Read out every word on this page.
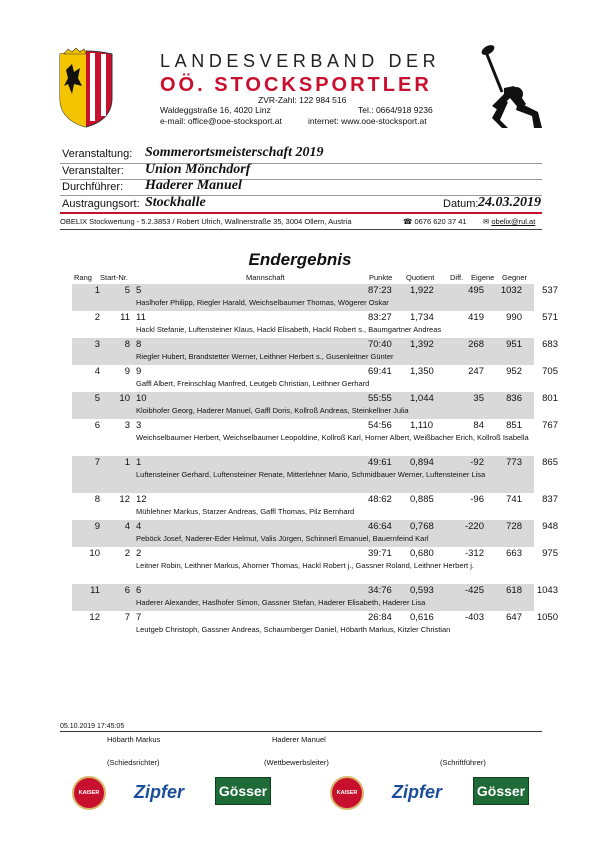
LANDESVERBAND DER
OÖ. STOCKSPORTLER
ZVR-Zahl: 122 984 516
Waldeggstraße 16, 4020 Linz	Tel.: 0664/918 9236
e-mail: office@ooe-stocksport.at	internet: www.ooe-stocksport.at
Veranstaltung: Sommerortsmeisterschaft 2019
Veranstalter: Union Mönchdorf
Durchführer: Haderer Manuel
Austragungsort: Stockhalle	Datum: 24.03.2019
OBELIX Stockwertung - 5.2.3853 / Robert Ulrich, Wallnerstraße 35, 3004 Ollern, Austria	☎ 0676 620 37 41 ✉ obelix@rul.at
Endergebnis
Rang Start-Nr.	Mannschaft	Punkte Quotient Diff. Eigene Gegner
1	5 5	87:23 1,922	495	1032	537
Haslhofer Philipp, Riegler Harald, Weichselbaumer Thomas, Wögerer Oskar
2	11 11	83:27 1,734	419	990	571
Hackl Stefanie, Luftensteiner Klaus, Hackl Elisabeth, Hackl Robert s., Baumgartner Andreas
3	8 8	70:40 1,392	268	951	683
Riegler Hubert, Brandstetter Werner, Leithner Herbert s., Gusenleitner Günter
4	9 9	69:41 1,350	247	952	705
Gaffl Albert, Freinschlag Manfred, Leutgeb Christian, Leithner Gerhard
5	10 10	55:55 1,044	35	836	801
Kloibhofer Georg, Haderer Manuel, Gaffl Doris, Kollroß Andreas, Steinkellner Julia
6	3 3	54:56 1,110	84	851	767
Weichselbaumer Herbert, Weichselbaumer Leopoldine, Kollroß Karl, Horner Albert, Weißbacher Erich, Kollroß Isabella
7	1 1	49:61 0,894	-92	773	865
Luftensteiner Gerhard, Luftensteiner Renate, Mitterlehner Mario, Schmidbauer Werner, Luftensteiner Lisa
8	12 12	48:62 0,885	-96	741	837
Mühlehner Markus, Starzer Andreas, Gaffl Thomas, Pilz Bernhard
9	4 4	46:64 0,768	-220	728	948
Peböck Josef, Naderer-Eder Helmut, Valis Jürgen, Schinnerl Emanuel, Bauernfeind Karl
10	2 2	39:71 0,680	-312	663	975
Leitner Robin, Leithner Markus, Ahorner Thomas, Hackl Robert j., Gassner Roland, Leithner Herbert j.
11	6 6	34:76 0,593	-425	618	1043
Haderer Alexander, Haslhofer Simon, Gassner Stefan, Haderer Elisabeth, Haderer Lisa
12	7 7	26:84 0,616	-403	647	1050
Leutgeb Christoph, Gassner Andreas, Schaumberger Daniel, Höbarth Markus, Kitzler Christian
05.10.2019 17:45:05
Höbarth Markus	Haderer Manuel
(Schiedsrichter)	(Wettbewerbsleiter)	(Schriftführer)
KAISER	Zipfer Gösser	KAISER	Zipfer Gösser
